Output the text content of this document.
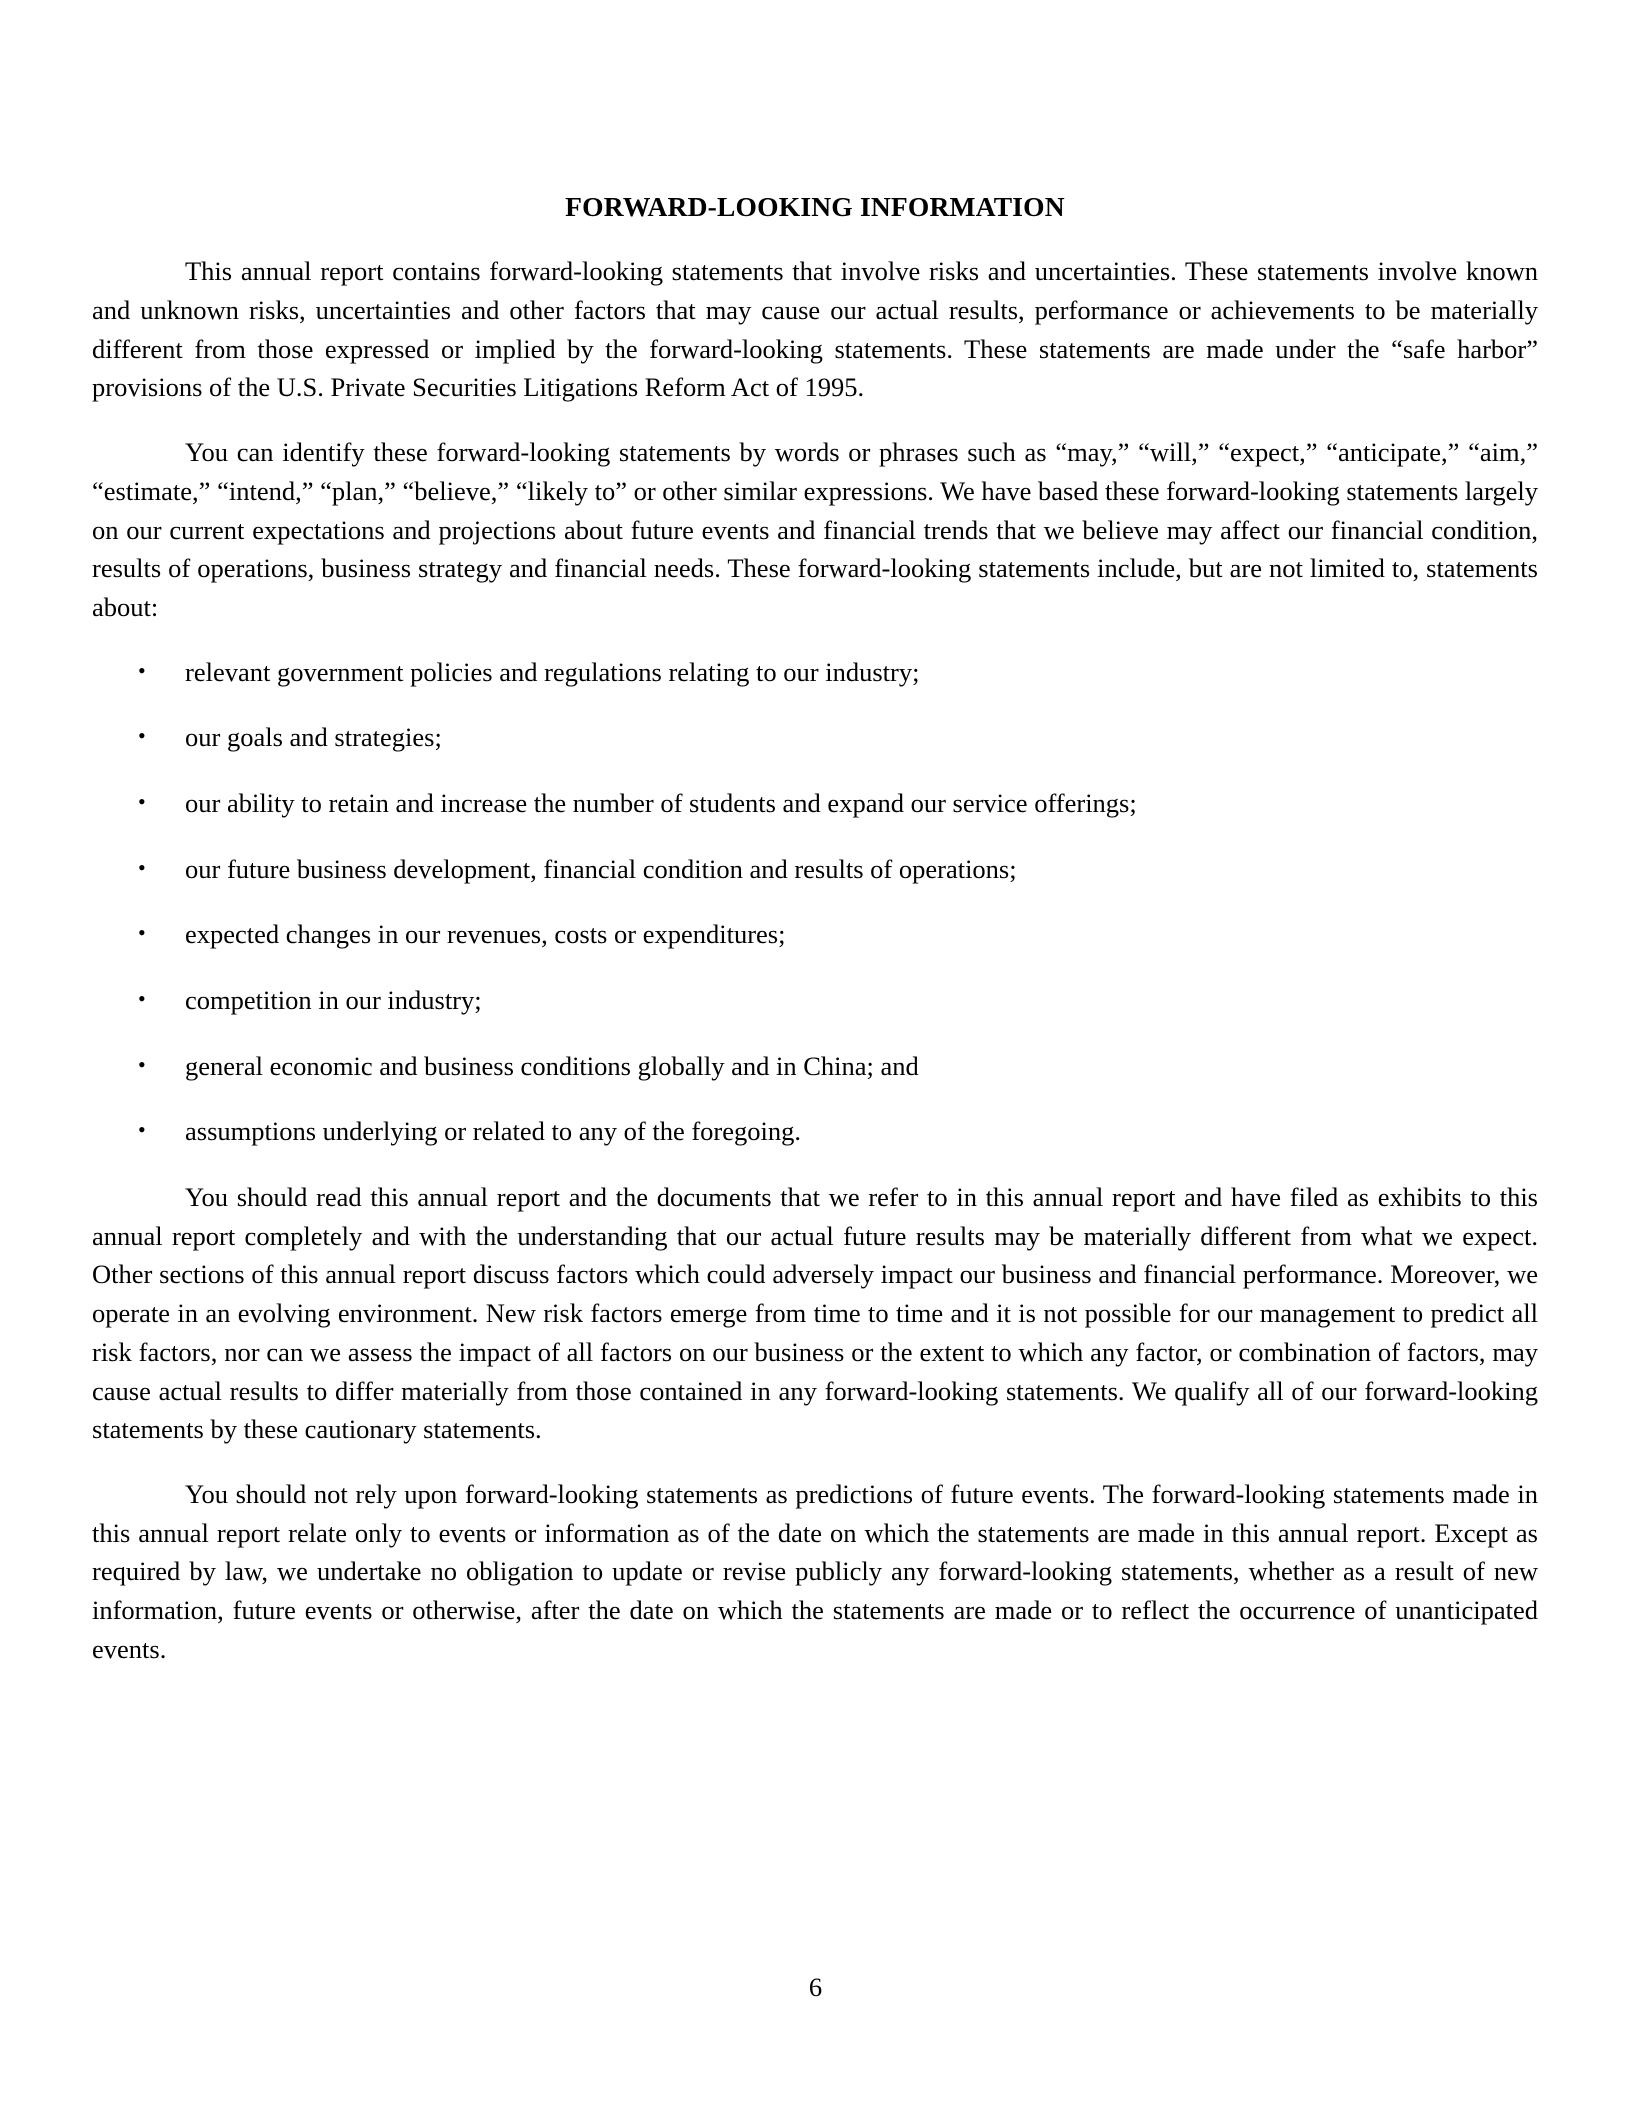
FORWARD-LOOKING INFORMATION

This annual report contains forward-looking statements that involve risks and uncertainties. These statements involve known and unknown risks, uncertainties and other factors that may cause our actual results, performance or achievements to be materially different from those expressed or implied by the forward-looking statements. These statements are made under the “safe harbor” provisions of the U.S. Private Securities Litigations Reform Act of 1995.

You can identify these forward-looking statements by words or phrases such as “may,” “will,” “expect,” “anticipate,” “aim,” “estimate,” “intend,” “plan,” “believe,” “likely to” or other similar expressions. We have based these forward-looking statements largely on our current expectations and projections about future events and financial trends that we believe may affect our financial condition, results of operations, business strategy and financial needs. These forward-looking statements include, but are not limited to, statements about:

• relevant government policies and regulations relating to our industry;
• our goals and strategies;
• our ability to retain and increase the number of students and expand our service offerings;
• our future business development, financial condition and results of operations;
• expected changes in our revenues, costs or expenditures;
• competition in our industry;
• general economic and business conditions globally and in China; and
• assumptions underlying or related to any of the foregoing.

You should read this annual report and the documents that we refer to in this annual report and have filed as exhibits to this annual report completely and with the understanding that our actual future results may be materially different from what we expect. Other sections of this annual report discuss factors which could adversely impact our business and financial performance. Moreover, we operate in an evolving environment. New risk factors emerge from time to time and it is not possible for our management to predict all risk factors, nor can we assess the impact of all factors on our business or the extent to which any factor, or combination of factors, may cause actual results to differ materially from those contained in any forward-looking statements. We qualify all of our forward-looking statements by these cautionary statements.

You should not rely upon forward-looking statements as predictions of future events. The forward-looking statements made in this annual report relate only to events or information as of the date on which the statements are made in this annual report. Except as required by law, we undertake no obligation to update or revise publicly any forward-looking statements, whether as a result of new information, future events or otherwise, after the date on which the statements are made or to reflect the occurrence of unanticipated events.

6
